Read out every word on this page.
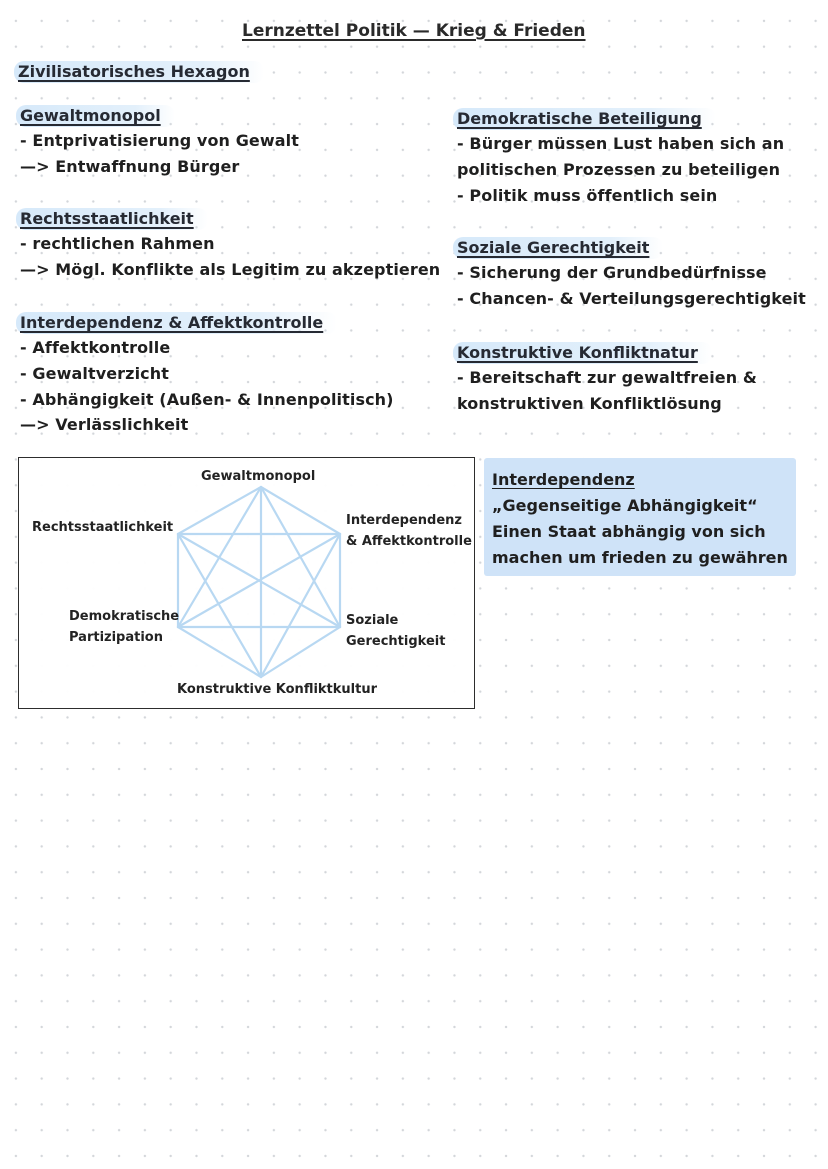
Lernzettel Politik — Krieg & Frieden
Zivilisatorisches Hexagon
Gewaltmonopol
- Entprivatisierung von Gewalt
—> Entwaffnung Bürger
Rechtsstaatlichkeit
- rechtlichen Rahmen
—> Mögl. Konflikte als Legitim zu akzeptieren
Interdependenz & Affektkontrolle
- Affektkontrolle
- Gewaltverzicht
- Abhängigkeit (Außen- & Innenpolitisch)
—> Verlässlichkeit
Demokratische Beteiligung
- Bürger müssen Lust haben sich an
politischen Prozessen zu beteiligen
- Politik muss öffentlich sein
Soziale Gerechtigkeit
- Sicherung der Grundbedürfnisse
- Chancen- & Verteilungsgerechtigkeit
Konstruktive Konfliktnatur
- Bereitschaft zur gewaltfreien &
konstruktiven Konfliktlösung
Gewaltmonopol
Rechtsstaatlichkeit	Interdependenz
& Affektkontrolle
Demokratische
Partizipation
Soziale
Gerechtigkeit
Konstruktive Konfliktkultur
Interdependenz
„Gegenseitige Abhängigkeit“
Einen Staat abhängig von sich
machen um frieden zu gewähren
